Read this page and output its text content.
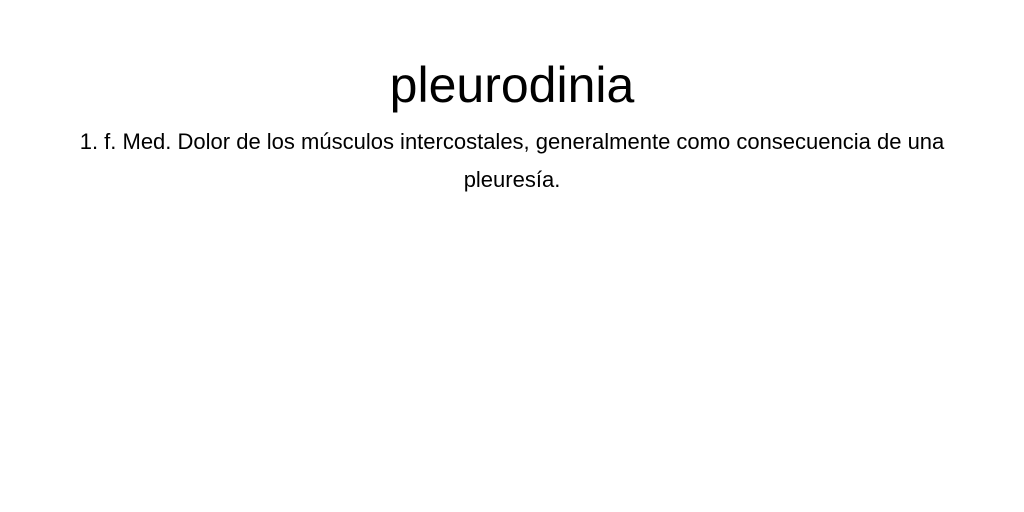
pleurodinia

1. f. Med. Dolor de los músculos intercostales, generalmente como consecuencia de una pleuresía.
